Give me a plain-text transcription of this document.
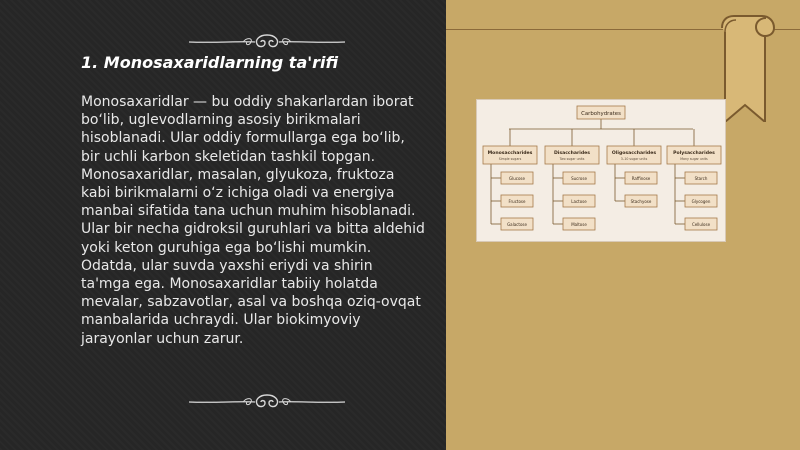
1. Monosaxaridlarning ta'rifi

Monosaxaridlar — bu oddiy shakarlardan iborat bo‘lib, uglevodlarning asosiy birikmalari hisoblanadi. Ular oddiy formullarga ega bo‘lib, bir uchli karbon skeletidan tashkil topgan. Monosaxaridlar, masalan, glyukoza, fruktoza kabi birikmalarni o‘z ichiga oladi va energiya manbai sifatida tana uchun muhim hisoblanadi. Ular bir necha gidroksil guruhlari va bitta aldehid yoki keton guruhiga ega bo‘lishi mumkin. Odatda, ular suvda yaxshi eriydi va shirin ta'mga ega. Monosaxaridlar tabiiy holatda mevalar, sabzavotlar, asal va boshqa oziq-ovqat manbalarida uchraydi. Ular biokimyoviy jarayonlar uchun zarur.

Carbohydrates
Monosaccharides
Simple sugars
Glucose
Fructose
Galactose
Disaccharides
Two sugar units
Sucrose
Lactose
Maltose
Oligosaccharides
3–10 sugar units
Raffinose
Stachyose
Polysaccharides
Many sugar units
Starch
Glycogen
Cellulose
